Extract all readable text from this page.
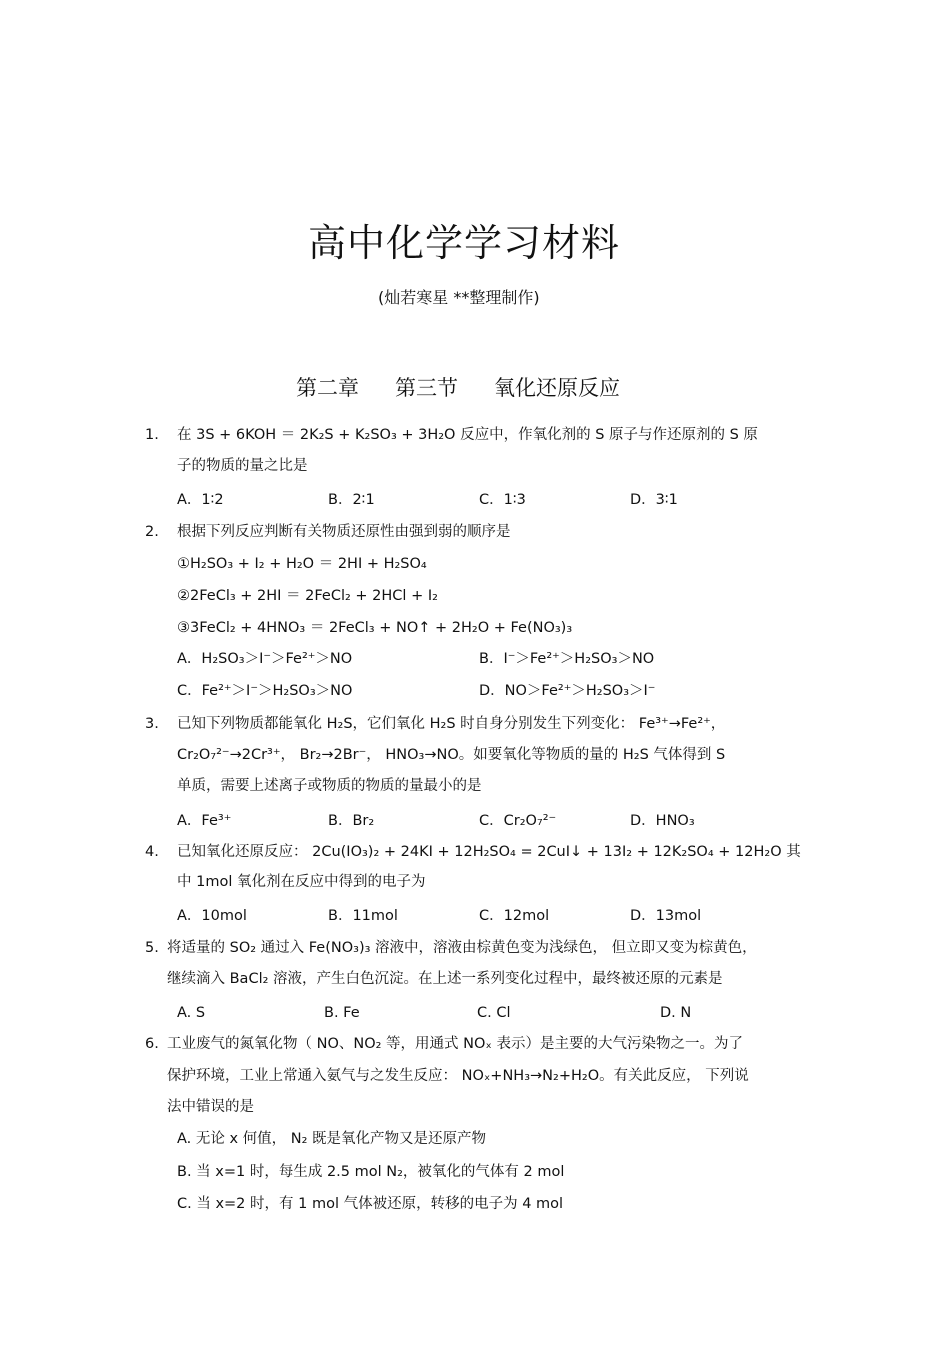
高中化学学习材料
(灿若寒星 **整理制作)
第二章 第三节 氧化还原反应
1. 在 3S + 6KOH ＝ 2K₂S + K₂SO₃ + 3H₂O 反应中，作氧化剂的 S 原子与作还原剂的 S 原
子的物质的量之比是
A．1∶2	B．2∶1	C．1∶3	D．3∶1
2. 根据下列反应判断有关物质还原性由强到弱的顺序是
①H₂SO₃ + I₂ + H₂O ＝ 2HI + H₂SO₄
②2FeCl₃ + 2HI ＝ 2FeCl₂ + 2HCl + I₂
③3FeCl₂ + 4HNO₃ ＝ 2FeCl₃ + NO↑ + 2H₂O + Fe(NO₃)₃
A．H₂SO₃＞I⁻＞Fe²⁺＞NO	B．I⁻＞Fe²⁺＞H₂SO₃＞NO
C．Fe²⁺＞I⁻＞H₂SO₃＞NO	D．NO＞Fe²⁺＞H₂SO₃＞I⁻
3. 已知下列物质都能氧化 H₂S，它们氧化 H₂S 时自身分别发生下列变化： Fe³⁺→Fe²⁺，
Cr₂O₇²⁻→2Cr³⁺， Br₂→2Br⁻， HNO₃→NO。如要氧化等物质的量的 H₂S 气体得到 S
单质，需要上述离子或物质的物质的量最小的是
A．Fe³⁺	B．Br₂	C．Cr₂O₇²⁻	D．HNO₃
4. 已知氧化还原反应： 2Cu(IO₃)₂ + 24KI + 12H₂SO₄ = 2CuI↓ + 13I₂ + 12K₂SO₄ + 12H₂O 其
中 1mol 氧化剂在反应中得到的电子为
A．10mol	B．11mol	C．12mol	D．13mol
5. 将适量的 SO₂ 通过入 Fe(NO₃)₃ 溶液中，溶液由棕黄色变为浅绿色， 但立即又变为棕黄色，
继续滴入 BaCl₂ 溶液，产生白色沉淀。在上述一系列变化过程中，最终被还原的元素是
A. S	B. Fe	C. Cl	D. N
6. 工业废气的氮氧化物（ NO、NO₂ 等，用通式 NOₓ 表示）是主要的大气污染物之一。为了
保护环境，工业上常通入氨气与之发生反应： NOₓ+NH₃→N₂+H₂O。有关此反应， 下列说
法中错误的是
A. 无论 x 何值， N₂ 既是氧化产物又是还原产物
B. 当 x=1 时，每生成 2.5 mol N₂，被氧化的气体有 2 mol
C. 当 x=2 时，有 1 mol 气体被还原，转移的电子为 4 mol
